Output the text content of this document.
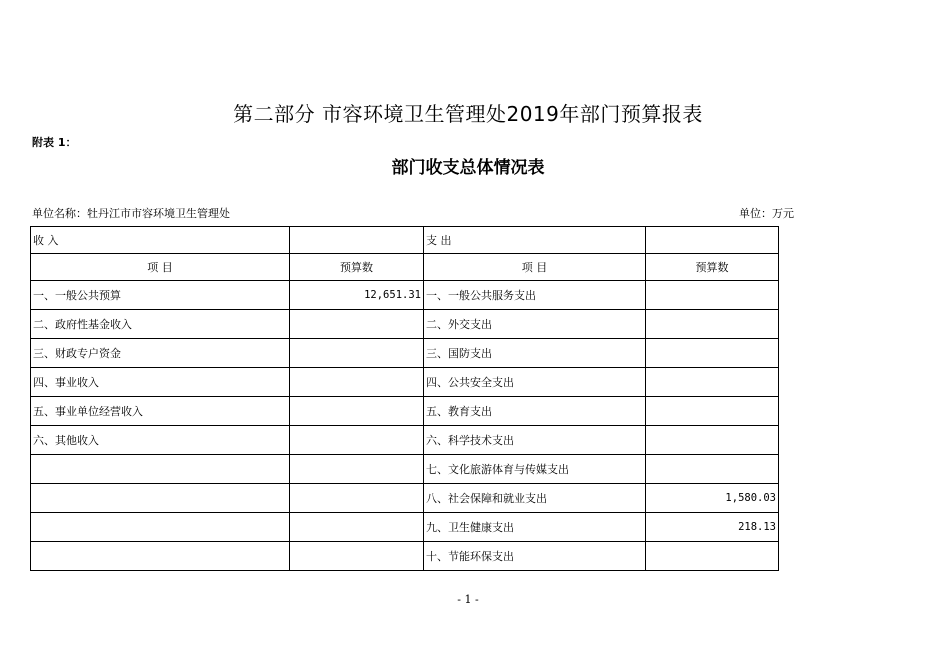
第二部分 市容环境卫生管理处2019年部门预算报表
附表 1：
部门收支总体情况表
单位名称：牡丹江市市容环境卫生管理处	单位：万元
收 入		支 出	
项 目	预算数	项 目	预算数
一、一般公共预算	12,651.31	一、一般公共服务支出	
二、政府性基金收入		二、外交支出	
三、财政专户资金		三、国防支出	
四、事业收入		四、公共安全支出	
五、事业单位经营收入		五、教育支出	
六、其他收入		六、科学技术支出	
		七、文化旅游体育与传媒支出	
		八、社会保障和就业支出	1,580.03
		九、卫生健康支出	218.13
		十、节能环保支出	
- 1 -
